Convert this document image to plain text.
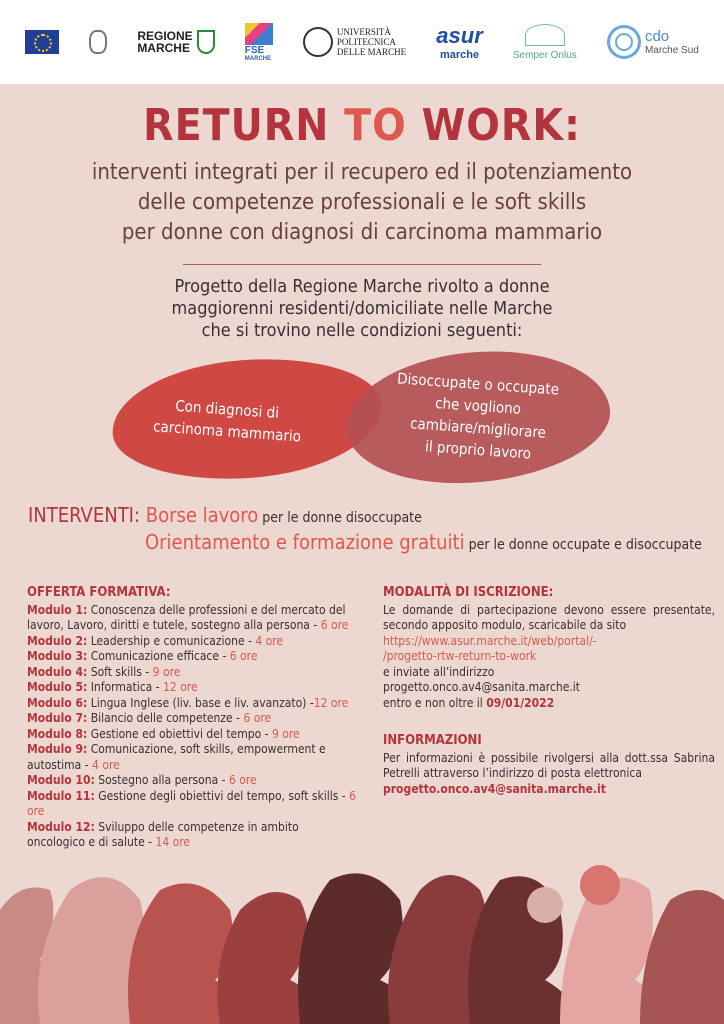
REGIONE
MARCHE	FSE
MARCHE
UNIVERSITÀ
POLITECNICA
DELLE MARCHE
asur
marche	Semper Onlus
cdo
Marche Sud
RETURN TO WORK:
interventi integrati per il recupero ed il potenziamento
delle competenze professionali e le soft skills
per donne con diagnosi di carcinoma mammario
Progetto della Regione Marche rivolto a donne
maggiorenni residenti/domiciliate nelle Marche
che si trovino nelle condizioni seguenti:
Con diagnosi di
carcinoma mammario
Disoccupate o occupate
che vogliono
cambiare/migliorare
il proprio lavoro
INTERVENTI: Borse lavoro per le donne disoccupate
Orientamento e formazione gratuiti per le donne occupate e disoccupate
OFFERTA FORMATIVA:
Modulo 1: Conoscenza delle professioni e del mercato del lavoro, Lavoro, diritti e tutele, sostegno alla persona - 6 ore
Modulo 2: Leadership e comunicazione - 4 ore
Modulo 3: Comunicazione efficace - 6 ore
Modulo 4: Soft skills - 9 ore
Modulo 5: Informatica - 12 ore
Modulo 6: Lingua Inglese (liv. base e liv. avanzato) -12 ore
Modulo 7: Bilancio delle competenze - 6 ore
Modulo 8: Gestione ed obiettivi del tempo - 9 ore
Modulo 9: Comunicazione, soft skills, empowerment e autostima - 4 ore
Modulo 10: Sostegno alla persona - 6 ore
Modulo 11: Gestione degli obiettivi del tempo, soft skills - 6 ore
Modulo 12: Sviluppo delle competenze in ambito oncologico e di salute - 14 ore
MODALITÀ DI ISCRIZIONE:

Le domande di partecipazione devono essere presentate, secondo apposito modulo, scaricabile da sito

https://www.asur.marche.it/web/portal/-
/progetto-rtw-return-to-work
e inviate all’indirizzo
progetto.onco.av4@sanita.marche.it
entro e non oltre il 09/01/2022
INFORMAZIONI

Per informazioni è possibile rivolgersi alla dott.ssa Sabrina Petrelli attraverso l’indirizzo di posta elettronica

progetto.onco.av4@sanita.marche.it
